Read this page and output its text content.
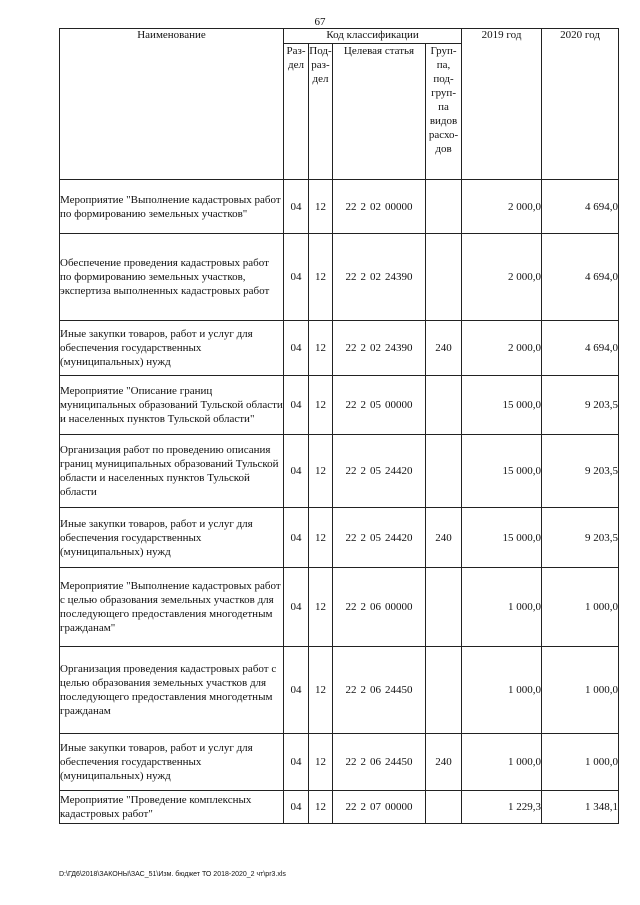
67
Наименование	Код классификации				2019 год	2020 год
	Раз-дел	Под-раз-дел	Целевая статья	Груп-па, под-груп-па видов расхо-дов		
Мероприятие "Выполнение кадастровых работ по формированию земельных участков"	04	12	22 2 02 00000		2 000,0	4 694,0
Обеспечение проведения кадастровых работ по формированию земельных участков, экспертиза выполненных кадастровых работ	04	12	22 2 02 24390		2 000,0	4 694,0
Иные закупки товаров, работ и услуг для обеспечения государственных (муниципальных) нужд	04	12	22 2 02 24390	240	2 000,0	4 694,0
Мероприятие "Описание границ муниципальных образований Тульской области и населенных пунктов Тульской области"	04	12	22 2 05 00000		15 000,0	9 203,5
Организация работ по проведению описания границ муниципальных образований Тульской области и населенных пунктов Тульской области	04	12	22 2 05 24420		15 000,0	9 203,5
Иные закупки товаров, работ и услуг для обеспечения государственных (муниципальных) нужд	04	12	22 2 05 24420	240	15 000,0	9 203,5
Мероприятие "Выполнение кадастровых работ с целью образования земельных участков для последующего предоставления многодетным гражданам"	04	12	22 2 06 00000		1 000,0	1 000,0
Организация проведения кадастровых работ с целью образования земельных участков для последующего предоставления многодетным гражданам	04	12	22 2 06 24450		1 000,0	1 000,0
Иные закупки товаров, работ и услуг для обеспечения государственных (муниципальных) нужд	04	12	22 2 06 24450	240	1 000,0	1 000,0
Мероприятие "Проведение комплексных кадастровых работ"	04	12	22 2 07 00000		1 229,3	1 348,1
D:\ГД6\2018\ЗАКОНЫ\ЗАС_51\Изм. бюджет ТО 2018-2020_2 чт\pr3.xls
